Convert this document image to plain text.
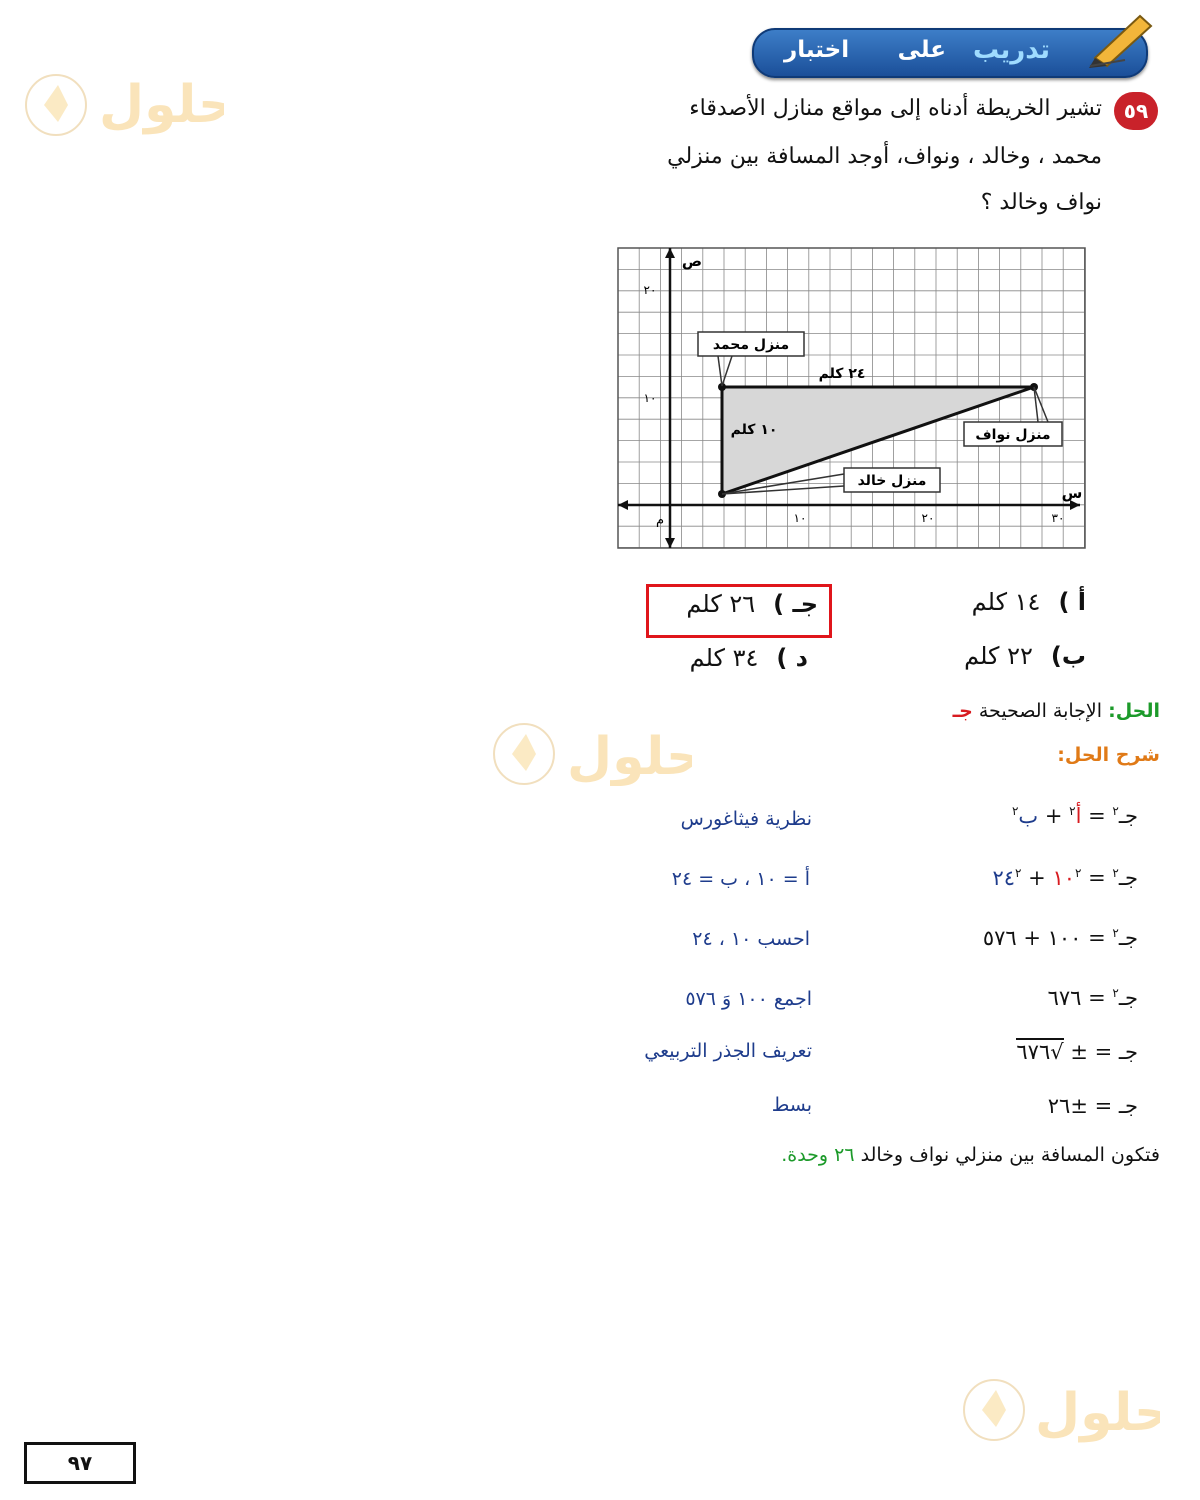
تدريب
على
اختبار
حلول
حلول
حلول
٥٩
تشير الخريطة أدناه إلى مواقع منازل الأصدقاء
محمد ، وخالد ، ونواف، أوجد المسافة بين منزلي
نواف وخالد ؟
١٠	٢٠	٣٠
١٠
٢٠
م
ص
س
٢٤ كلم
١٠ كلم
منزل محمد
منزل نواف
منزل خالد
أ )١٤ كلم
ب)٢٢ كلم
جـ )٢٦ كلم
د )٣٤ كلم
الحل: الإجابة الصحيحة جـ
شرح الحل:
جـ$^٢$ = أ$^٢$ + ب$^٢$
جـ$^٢$ = $١٠^٢$ + $٢٤^٢$
جـ$^٢$ = ١٠٠ + ٥٧٦
جـ$^٢$ = ٦٧٦
جـ = ± √٦٧٦
جـ = ±٢٦
نظرية فيثاغورس
أ = ١٠ ، ب = ٢٤
احسب ١٠ ، ٢٤
اجمع ١٠٠ وَ ٥٧٦
تعريف الجذر التربيعي
بسط
فتكون المسافة بين منزلي نواف وخالد ٢٦ وحدة.
٩٧
